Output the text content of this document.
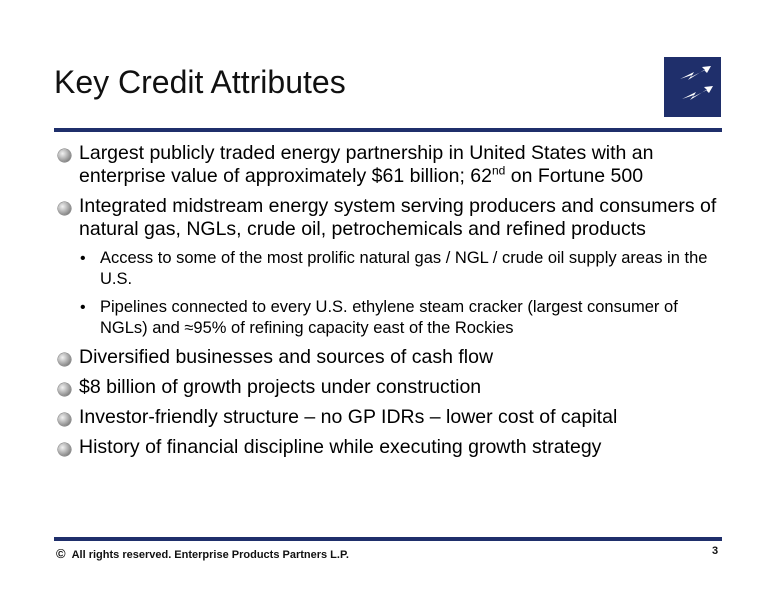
Key Credit Attributes
Largest publicly traded energy partnership in United States with an enterprise value of approximately $61 billion; 62nd on Fortune 500
Integrated midstream energy system serving producers and consumers of natural gas, NGLs, crude oil, petrochemicals and refined products
• Access to some of the most prolific natural gas / NGL / crude oil supply areas in the U.S.
• Pipelines connected to every U.S. ethylene steam cracker (largest consumer of NGLs) and ≈95% of refining capacity east of the Rockies
Diversified businesses and sources of cash flow
$8 billion of growth projects under construction
Investor-friendly structure – no GP IDRs – lower cost of capital
History of financial discipline while executing growth strategy
© All rights reserved. Enterprise Products Partners L.P.	3
